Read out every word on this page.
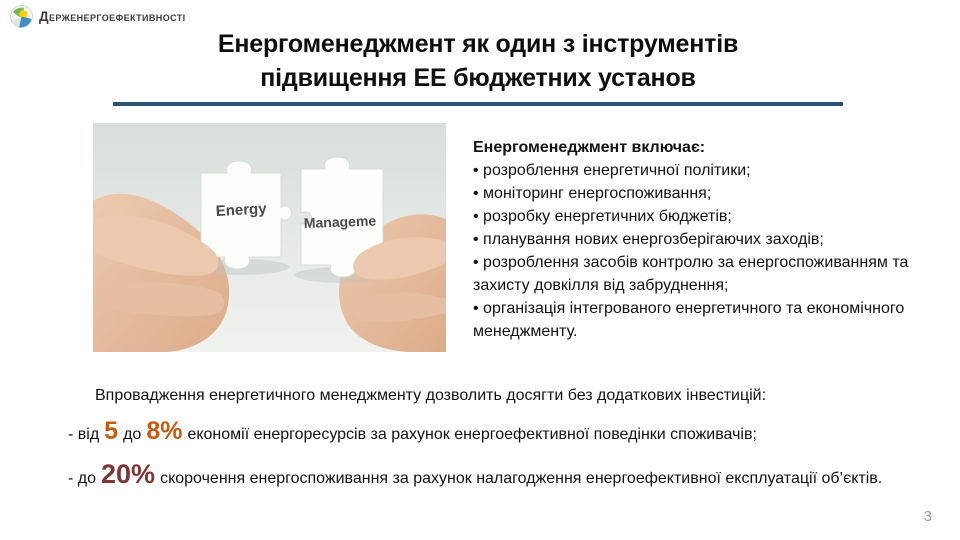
Держенергоефективності
Енергоменеджмент як один з інструментів
підвищення ЕЕ бюджетних установ
Energy
Manageme
Енергоменеджмент включає:
• розроблення енергетичної політики;
• моніторинг енергоспоживання;
• розробку енергетичних бюджетів;
• планування нових енергозберігаючих заходів;
• розроблення засобів контролю за енергоспоживанням та захисту довкілля від забруднення;
• організація інтегрованого енергетичного та економічного менеджменту.
Впровадження енергетичного менеджменту дозволить досягти без додаткових інвестицій:
- від 5 до 8% економії енергоресурсів за рахунок енергоефективної поведінки споживачів;
- до 20% скорочення енергоспоживання за рахунок налагодження енергоефективної експлуатації об’єктів.
3
